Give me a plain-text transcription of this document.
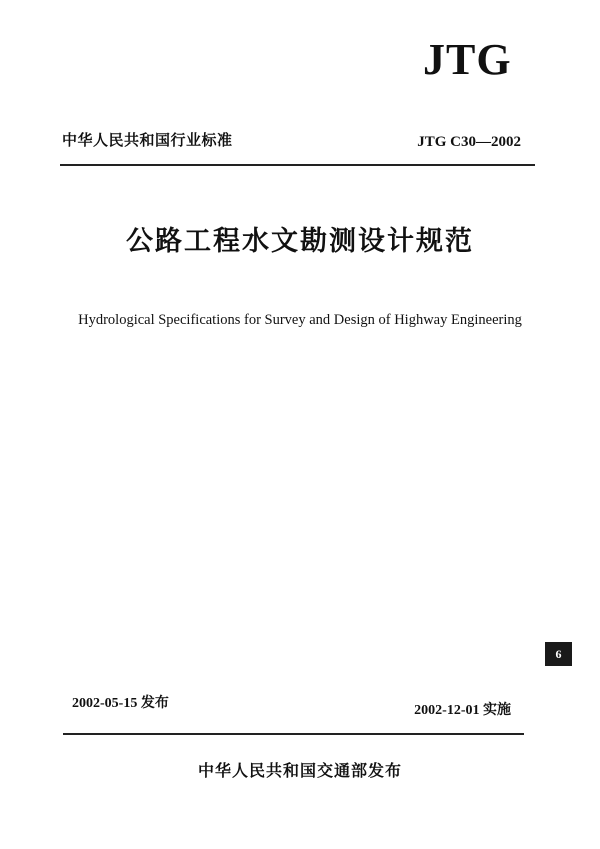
JTG
中华人民共和国行业标准	JTG C30—2002
公路工程水文勘测设计规范
Hydrological Specifications for Survey and Design of Highway Engineering
6
2002-05-15 发布	2002-12-01 实施
中华人民共和国交通部发布
